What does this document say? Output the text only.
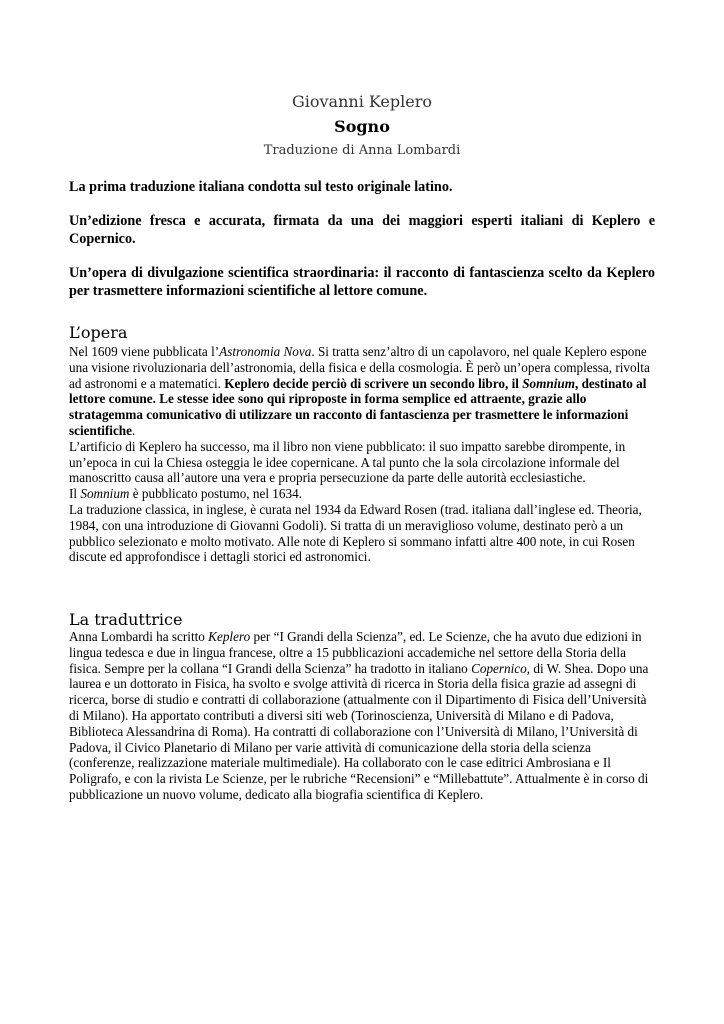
Giovanni Keplero
Sogno
Traduzione di Anna Lombardi

La prima traduzione italiana condotta sul testo originale latino.

Un’edizione fresca e accurata, firmata da una dei maggiori esperti italiani di Keplero e Copernico.

Un’opera di divulgazione scientifica straordinaria: il racconto di fantascienza scelto da Keplero per trasmettere informazioni scientifiche al lettore comune.

L’opera

Nel 1609 viene pubblicata l’Astronomia Nova. Si tratta senz’altro di un capolavoro, nel quale Keplero espone una visione rivoluzionaria dell’astronomia, della fisica e della cosmologia. È però un’opera complessa, rivolta ad astronomi e a matematici. Keplero decide perciò di scrivere un secondo libro, il Somnium, destinato al lettore comune. Le stesse idee sono qui riproposte in forma semplice ed attraente, grazie allo stratagemma comunicativo di utilizzare un racconto di fantascienza per trasmettere le informazioni scientifiche.

L’artificio di Keplero ha successo, ma il libro non viene pubblicato: il suo impatto sarebbe dirompente, in un’epoca in cui la Chiesa osteggia le idee copernicane. A tal punto che la sola circolazione informale del manoscritto causa all’autore una vera e propria persecuzione da parte delle autorità ecclesiastiche.

Il Somnium è pubblicato postumo, nel 1634.

La traduzione classica, in inglese, è curata nel 1934 da Edward Rosen (trad. italiana dall’inglese ed. Theoria, 1984, con una introduzione di Giovanni Godoli). Si tratta di un meraviglioso volume, destinato però a un pubblico selezionato e molto motivato. Alle note di Keplero si sommano infatti altre 400 note, in cui Rosen discute ed approfondisce i dettagli storici ed astronomici.

La traduttrice

Anna Lombardi ha scritto Keplero per “I Grandi della Scienza”, ed. Le Scienze, che ha avuto due edizioni in lingua tedesca e due in lingua francese, oltre a 15 pubblicazioni accademiche nel settore della Storia della fisica. Sempre per la collana “I Grandi della Scienza” ha tradotto in italiano Copernico, di W. Shea. Dopo una laurea e un dottorato in Fisica, ha svolto e svolge attività di ricerca in Storia della fisica grazie ad assegni di ricerca, borse di studio e contratti di collaborazione (attualmente con il Dipartimento di Fisica dell’Università di Milano). Ha apportato contributi a diversi siti web (Torinoscienza, Università di Milano e di Padova, Biblioteca Alessandrina di Roma). Ha contratti di collaborazione con l’Università di Milano, l’Università di Padova, il Civico Planetario di Milano per varie attività di comunicazione della storia della scienza (conferenze, realizzazione materiale multimediale). Ha collaborato con le case editrici Ambrosiana e Il Poligrafo, e con la rivista Le Scienze, per le rubriche “Recensioni” e “Millebattute”. Attualmente è in corso di pubblicazione un nuovo volume, dedicato alla biografia scientifica di Keplero.
